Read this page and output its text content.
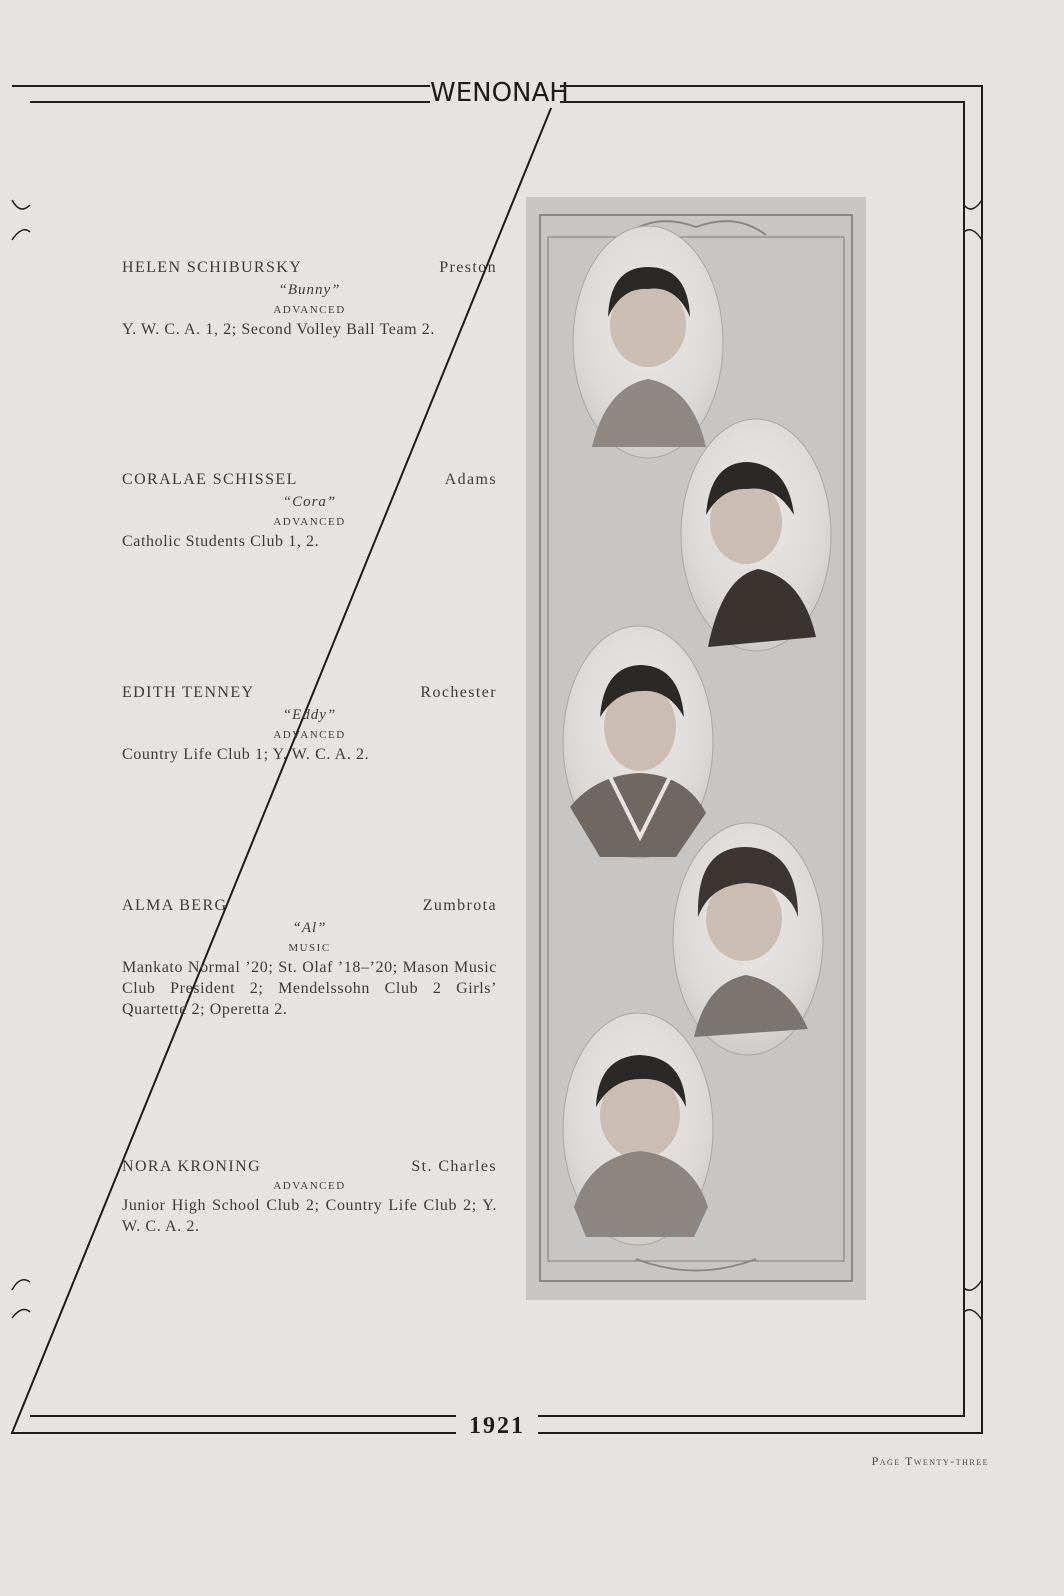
WENONAH
HELEN SCHIBURSKY	Preston
“Bunny”
ADVANCED
Y. W. C. A. 1, 2; Second Volley Ball Team 2.
CORALAE SCHISSEL	Adams
“Cora”
ADVANCED
Catholic Students Club 1, 2.
EDITH TENNEY	Rochester
“Eddy”
ADVANCED
Country Life Club 1; Y. W. C. A. 2.
ALMA BERG	Zumbrota
“Al”
MUSIC
Mankato Normal ’20; St. Olaf ’18–’20; Mason Music Club President 2; Mendelssohn Club 2 Girls’ Quartette 2; Operetta 2.
NORA KRONING	St. Charles
ADVANCED
Junior High School Club 2; Country Life Club 2; Y. W. C. A. 2.
1921
Page Twenty-three
